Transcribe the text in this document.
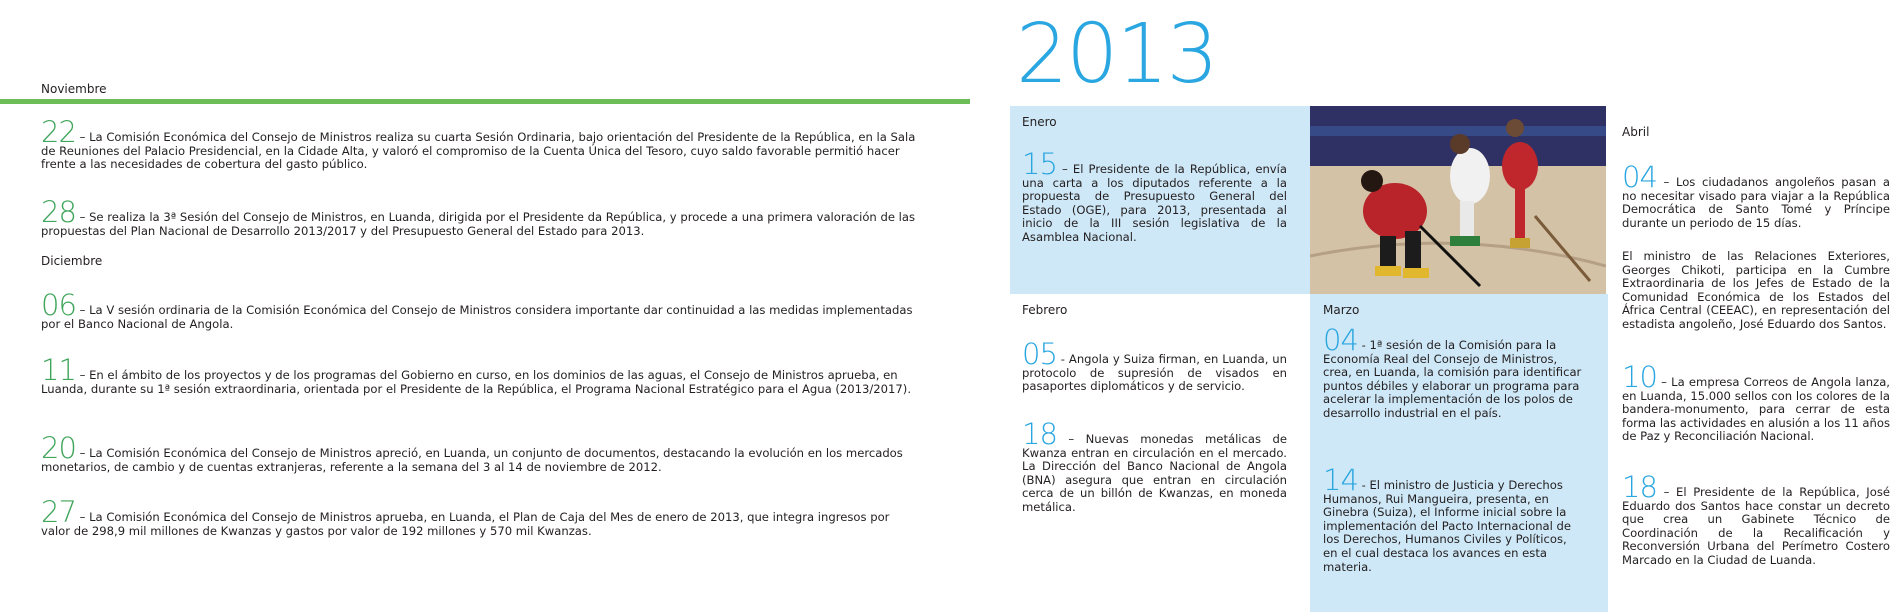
Noviembre
22 – La Comisión Económica del Consejo de Ministros realiza su cuarta Sesión Ordinaria, bajo orientación del Presidente de la República, en la Sala de Reuniones del Palacio Presidencial, en la Cidade Alta, y valoró el compromiso de la Cuenta Única del Tesoro, cuyo saldo favorable permitió hacer frente a las necesidades de cobertura del gasto público.
28 – Se realiza la 3ª Sesión del Consejo de Ministros, en Luanda, dirigida por el Presidente da República, y procede a una primera valoración de las propuestas del Plan Nacional de Desarrollo 2013/2017 y del Presupuesto General del Estado para 2013.
Diciembre
06 – La V sesión ordinaria de la Comisión Económica del Consejo de Ministros considera importante dar continuidad a las medidas implementadas por el Banco Nacional de Angola.
11 – En el ámbito de los proyectos y de los programas del Gobierno en curso, en los dominios de las aguas, el Consejo de Ministros aprueba, en Luanda, durante su 1ª sesión extraordinaria, orientada por el Presidente de la República, el Programa Nacional Estratégico para el Agua (2013/2017).
20 – La Comisión Económica del Consejo de Ministros apreció, en Luanda, un conjunto de documentos, destacando la evolución en los mercados monetarios, de cambio y de cuentas extranjeras, referente a la semana del 3 al 14 de noviembre de 2012.
27 – La Comisión Económica del Consejo de Ministros aprueba, en Luanda, el Plan de Caja del Mes de enero de 2013, que integra ingresos por valor de 298,9 mil millones de Kwanzas y gastos por valor de 192 millones y 570 mil Kwanzas.
2013
Enero
15 – El Presidente de la República, envía una carta a los diputados referente a la propuesta de Presupuesto General del Estado (OGE), para 2013, presentada al inicio de la III sesión legislativa de la Asamblea Nacional.
Febrero
05 - Angola y Suiza firman, en Luanda, un protocolo de supresión de visados en pasaportes diplomáticos y de servicio.
18 – Nuevas monedas metálicas de Kwanza entran en circulación en el mercado. La Dirección del Banco Nacional de Angola (BNA) asegura que entran en circulación cerca de un billón de Kwanzas, en moneda metálica.
Marzo
04 - 1ª sesión de la Comisión para la Economía Real del Consejo de Ministros, crea, en Luanda, la comisión para identificar puntos débiles y elaborar un programa para acelerar la implementación de los polos de desarrollo industrial en el país.
14 - El ministro de Justicia y Derechos Humanos, Rui Mangueira, presenta, en Ginebra (Suiza), el Informe inicial sobre la implementación del Pacto Internacional de los Derechos, Humanos Civiles y Políticos, en el cual destaca los avances en esta materia.
Abril
04 – Los ciudadanos angoleños pasan a no necesitar visado para viajar a la República Democrática de Santo Tomé y Príncipe durante un periodo de 15 días.
El ministro de las Relaciones Exteriores, Georges Chikoti, participa en la Cumbre Extraordinaria de los Jefes de Estado de la Comunidad Económica de los Estados del África Central (CEEAC), en representación del estadista angoleño, José Eduardo dos Santos.
10 – La empresa Correos de Angola lanza, en Luanda, 15.000 sellos con los colores de la bandera-monumento, para cerrar de esta forma las actividades en alusión a los 11 años de Paz y Reconciliación Nacional.
18 – El Presidente de la República, José Eduardo dos Santos hace constar un decreto que crea un Gabinete Técnico de Coordinación de la Recalificación y Reconversión Urbana del Perímetro Costero Marcado en la Ciudad de Luanda.
